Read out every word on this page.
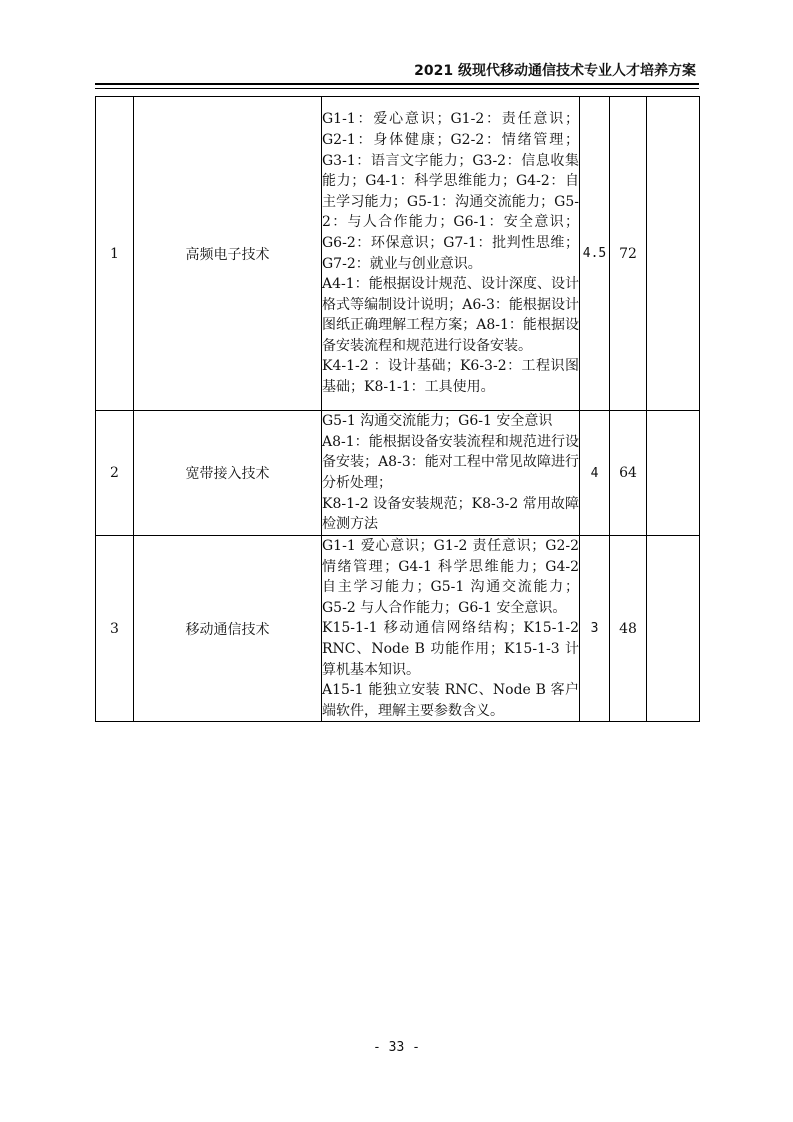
2021 级现代移动通信技术专业人才培养方案
1	高频电子技术	G1-1：爱心意识；G1-2：责任意识；G2-1：身体健康；G2-2：情绪管理；G3-1：语言文字能力；G3-2：信息收集能力；G4-1：科学思维能力；G4-2：自主学习能力；G5-1：沟通交流能力；G5-2：与人合作能力；G6-1：安全意识；G6-2：环保意识；G7-1：批判性思维；G7-2：就业与创业意识。
A4-1：能根据设计规范、设计深度、设计格式等编制设计说明；A6-3：能根据设计图纸正确理解工程方案；A8-1：能根据设备安装流程和规范进行设备安装。
K4-1-2 ：设计基础；K6-3-2：工程识图基础；K8-1-1：工具使用。	4.5	72	
2	宽带接入技术	G5-1 沟通交流能力；G6-1 安全意识
A8-1：能根据设备安装流程和规范进行设备安装；A8-3：能对工程中常见故障进行分析处理；
K8-1-2 设备安装规范；K8-3-2 常用故障检测方法	4	64	
3	移动通信技术	G1-1 爱心意识；G1-2 责任意识；G2-2 情绪管理；G4-1 科学思维能力；G4-2 自主学习能力；G5-1 沟通交流能力；G5-2 与人合作能力；G6-1 安全意识。
K15-1-1 移动通信网络结构；K15-1-2 RNC、Node B 功能作用；K15-1-3 计算机基本知识。
A15-1 能独立安装 RNC、Node B 客户端软件，理解主要参数含义。	3	48	
- 33 -
